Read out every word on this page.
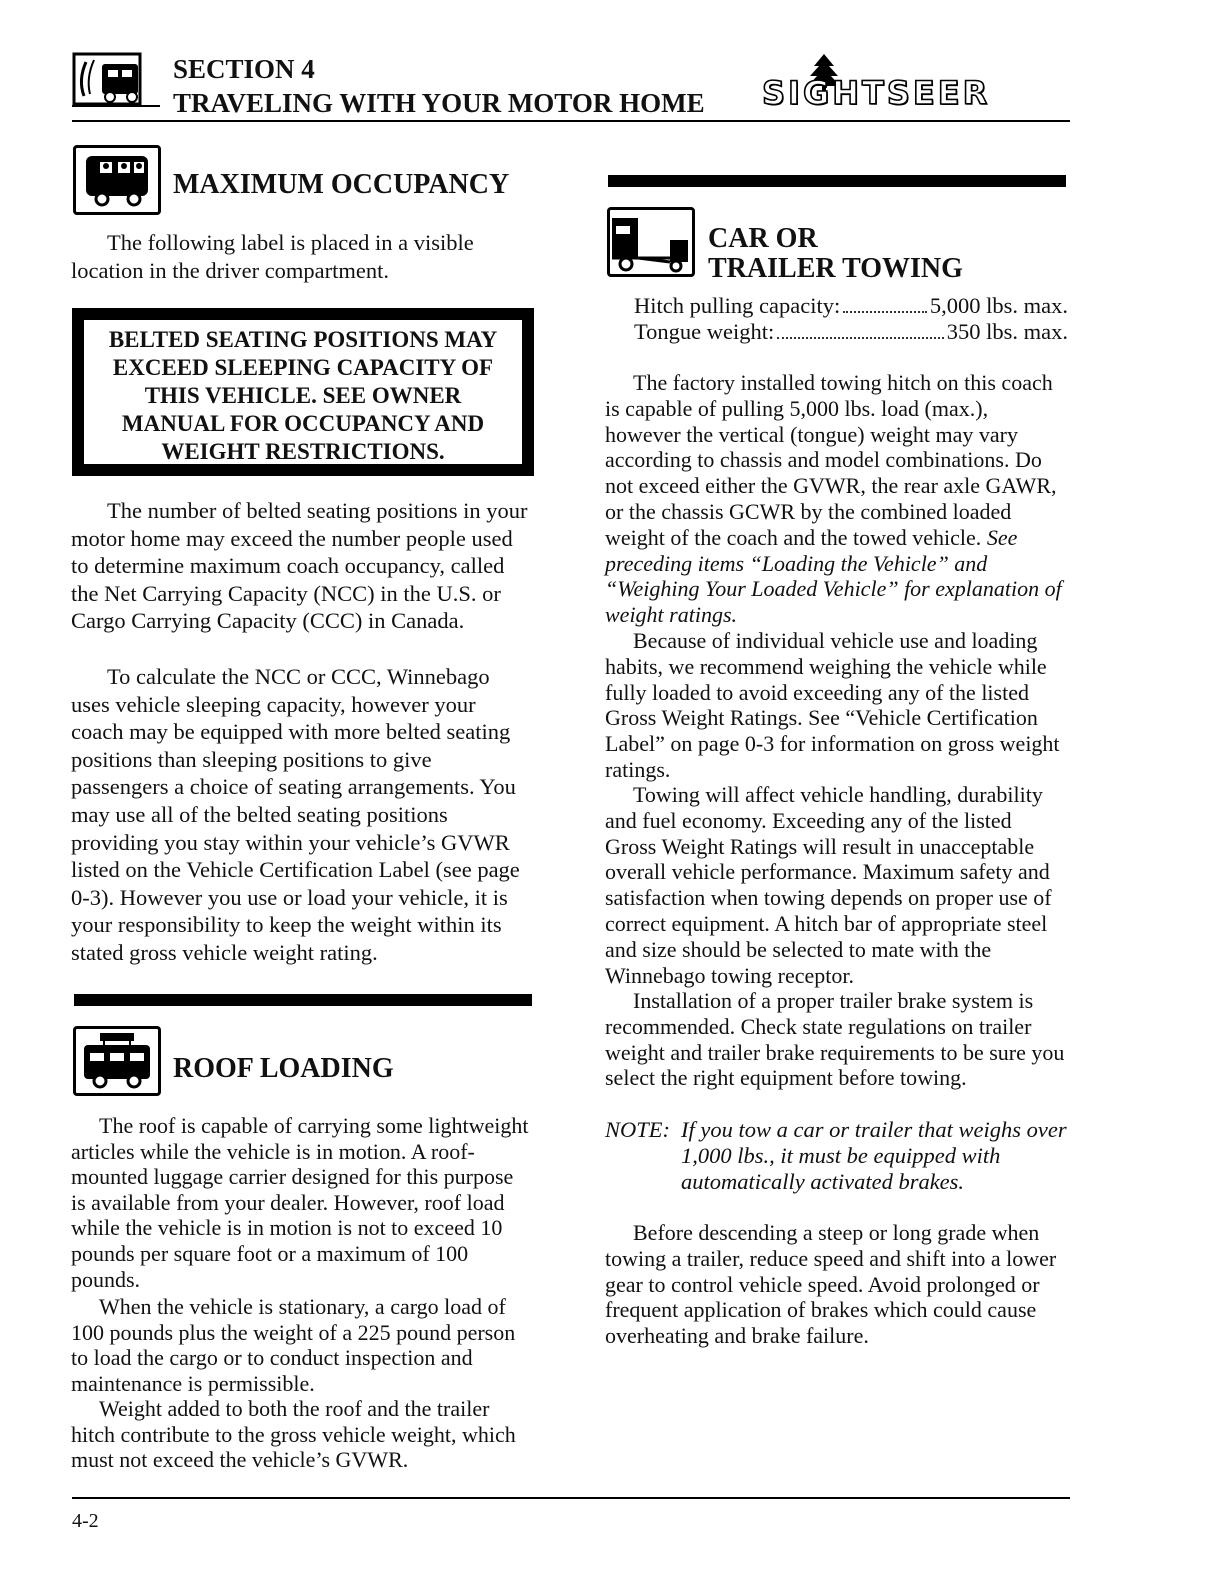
SECTION 4
TRAVELING WITH YOUR MOTOR HOME SIGHTSEER
MAXIMUM OCCUPANCY

The following label is placed in a visible location in the driver compartment.

BELTED SEATING POSITIONS MAY EXCEED SLEEPING CAPACITY OF THIS VEHICLE. SEE OWNER MANUAL FOR OCCUPANCY AND WEIGHT RESTRICTIONS.

The number of belted seating positions in your motor home may exceed the number people used to determine maximum coach occupancy, called the Net Carrying Capacity (NCC) in the U.S. or Cargo Carrying Capacity (CCC) in Canada.

To calculate the NCC or CCC, Winnebago uses vehicle sleeping capacity, however your coach may be equipped with more belted seating positions than sleeping positions to give passengers a choice of seating arrangements. You may use all of the belted seating positions providing you stay within your vehicle’s GVWR listed on the Vehicle Certification Label (see page 0-3). However you use or load your vehicle, it is your responsibility to keep the weight within its stated gross vehicle weight rating.

ROOF LOADING

The roof is capable of carrying some lightweight articles while the vehicle is in motion. A roof-mounted luggage carrier designed for this purpose is available from your dealer. However, roof load while the vehicle is in motion is not to exceed 10 pounds per square foot or a maximum of 100 pounds.

When the vehicle is stationary, a cargo load of 100 pounds plus the weight of a 225 pound person to load the cargo or to conduct inspection and maintenance is permissible.

Weight added to both the roof and the trailer hitch contribute to the gross vehicle weight, which must not exceed the vehicle’s GVWR.

CAR OR
TRAILER TOWING
Hitch pulling capacity:	5,000 lbs. max.
Tongue weight:	350 lbs. max.

The factory installed towing hitch on this coach is capable of pulling 5,000 lbs. load (max.), however the vertical (tongue) weight may vary according to chassis and model combinations. Do not exceed either the GVWR, the rear axle GAWR, or the chassis GCWR by the combined loaded weight of the coach and the towed vehicle. See preceding items “Loading the Vehicle” and “Weighing Your Loaded Vehicle” for explanation of weight ratings.

Because of individual vehicle use and loading habits, we recommend weighing the vehicle while fully loaded to avoid exceeding any of the listed Gross Weight Ratings. See “Vehicle Certification Label” on page 0-3 for information on gross weight ratings.

Towing will affect vehicle handling, durability and fuel economy. Exceeding any of the listed Gross Weight Ratings will result in unacceptable overall vehicle performance. Maximum safety and satisfaction when towing depends on proper use of correct equipment. A hitch bar of appropriate steel and size should be selected to mate with the Winnebago towing receptor.

Installation of a proper trailer brake system is recommended. Check state regulations on trailer weight and trailer brake requirements to be sure you select the right equipment before towing.

NOTE: If you tow a car or trailer that weighs over 1,000 lbs., it must be equipped with automatically activated brakes.

Before descending a steep or long grade when towing a trailer, reduce speed and shift into a lower gear to control vehicle speed. Avoid prolonged or frequent application of brakes which could cause overheating and brake failure.

4-2
